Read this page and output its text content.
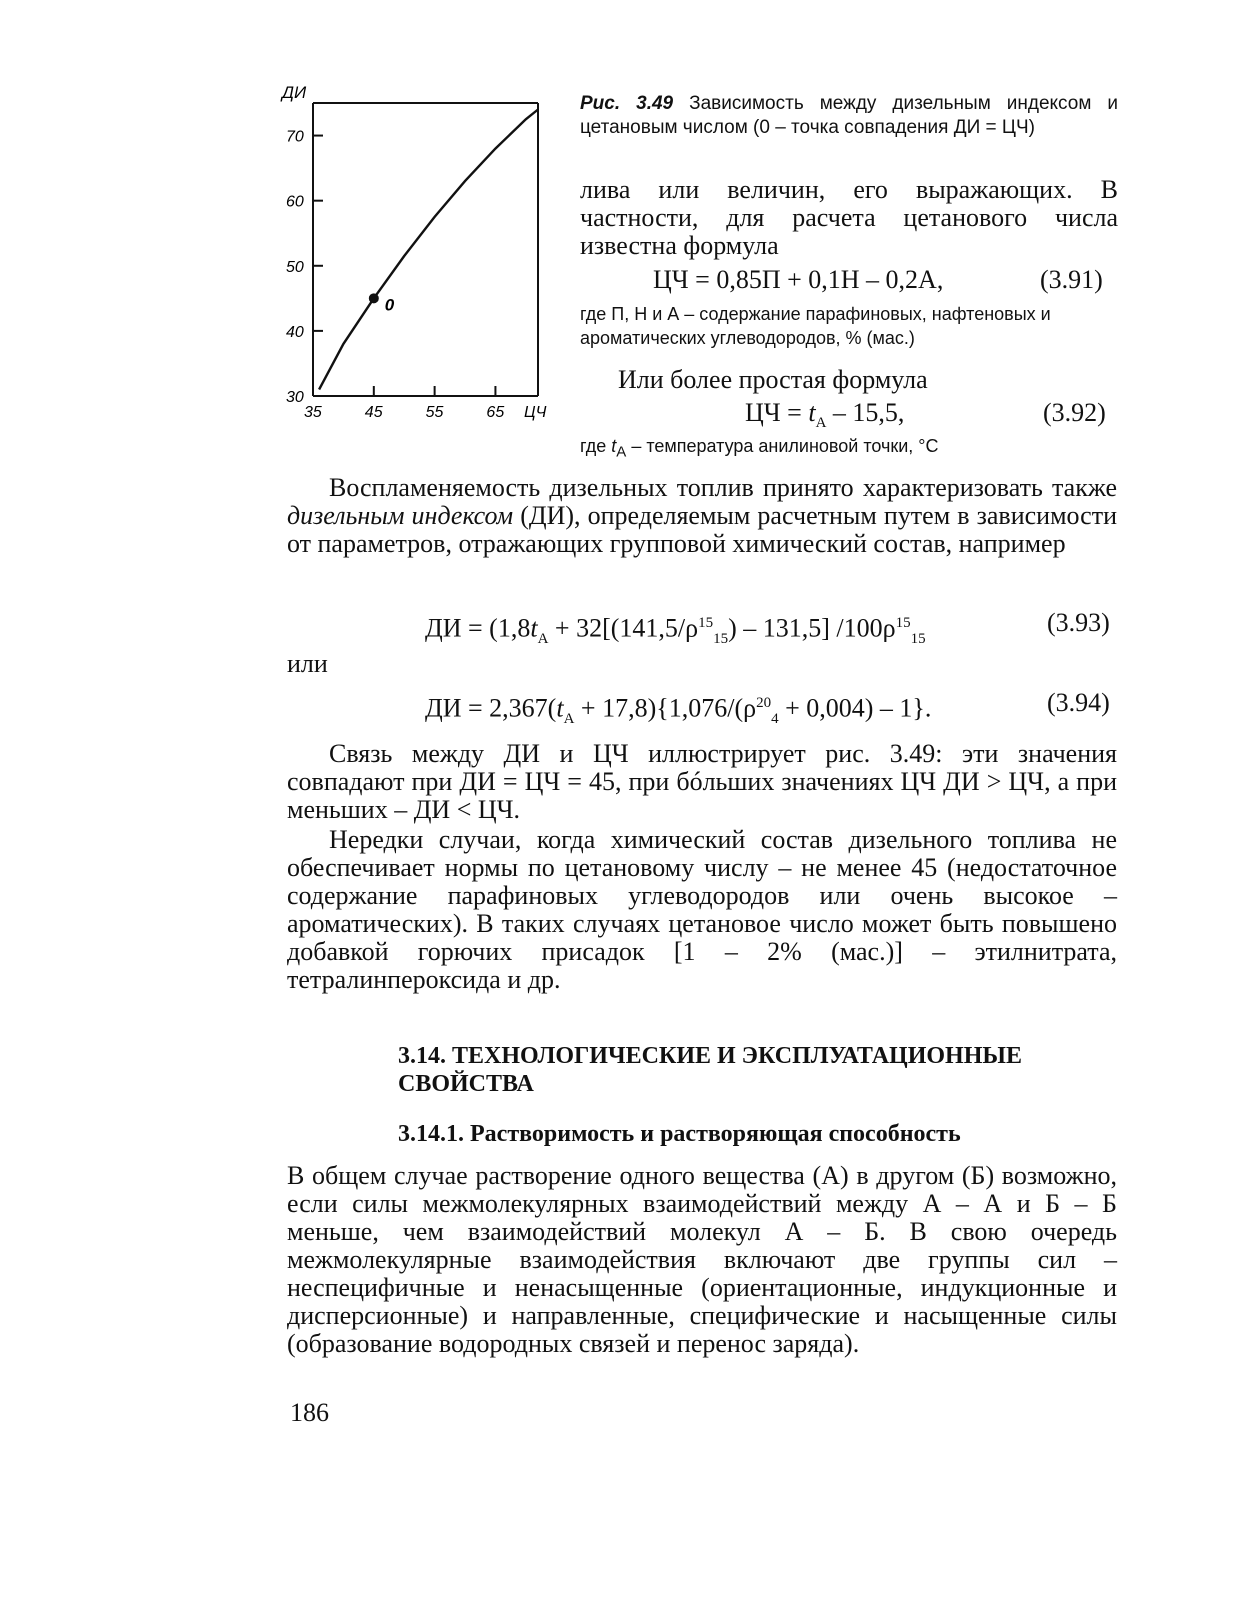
ДИ
30
40
50
60
70
35	45	55	65
0
ЦЧ
Рис. 3.49 Зависимость между дизельным индексом и цетановым числом (0 – точка совпадения ДИ = ЦЧ)
лива или величин, его выражающих. В частности, для расчета цетанового числа известна формула
ЦЧ = 0,85П + 0,1Н – 0,2А,	(3.91)
где П, Н и А – содержание парафиновых, нафтеновых и ароматических углеводородов, % (мас.)
Или более простая формула
ЦЧ = $t_А - 15,5$,	(3.92)
где $t_А$ – температура анилиновой точки, °С
Воспламеняемость дизельных топлив принято характеризовать также дизельным индексом (ДИ), определяемым расчетным путем в зависимости от параметров, отражающих групповой химический состав, например
ДИ = ($1,8t_А + 32[(141,5/\rho^{15}_{15}) - 131,5]$ $/100\rho^{15}_{15}$
(3.93)
или
ДИ = $2,367(t_А + 17,8)\{1,076/(\rho^{20}_4 + 0,004) - 1\}$.	(3.94)
Связь между ДИ и ЦЧ иллюстрирует рис. 3.49: эти значения совпадают при ДИ = ЦЧ = 45, при бóльших значениях ЦЧ ДИ > ЦЧ, а при меньших – ДИ < ЦЧ.
Нередки случаи, когда химический состав дизельного топлива не обеспечивает нормы по цетановому числу – не менее 45 (недостаточное содержание парафиновых углеводородов или очень высокое – ароматических). В таких случаях цетановое число может быть повышено добавкой горючих присадок [1 – 2% (мас.)] – этилнитрата, тетралинпероксида и др.
3.14. ТЕХНОЛОГИЧЕСКИЕ И ЭКСПЛУАТАЦИОННЫЕ СВОЙСТВА
3.14.1. Растворимость и растворяющая способность
В общем случае растворение одного вещества (А) в другом (Б) возможно, если силы межмолекулярных взаимодействий между А – А и Б – Б меньше, чем взаимодействий молекул А – Б. В свою очередь межмолекулярные взаимодействия включают две группы сил – неспецифичные и ненасыщенные (ориентационные, индукционные и дисперсионные) и направленные, специфические и насыщенные силы (образование водородных связей и перенос заряда).
186
